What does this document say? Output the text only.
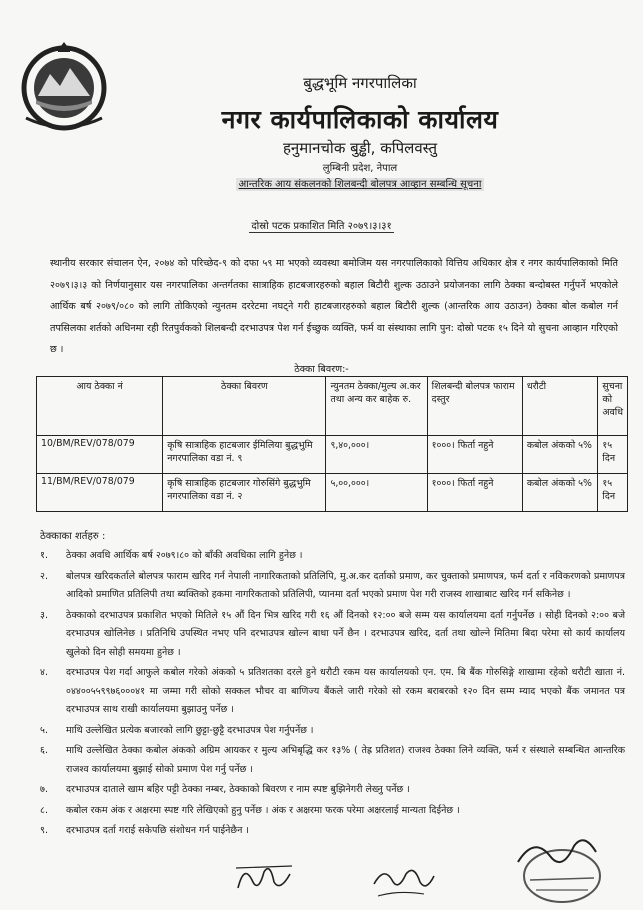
बुद्धभूमि नगरपालिका
नगर कार्यपालिकाको कार्यालय
हनुमानचोक बुड्ढी, कपिलवस्तु
लुम्बिनी प्रदेश, नेपाल
आन्तरिक आय संकलनको शिलबन्दी बोलपत्र आव्हान सम्बन्धि सूचना
दोस्रो पटक प्रकाशित मिति २०७९।३।३१
स्थानीय सरकार संचालन ऐन, २०७४ को परिच्छेद-९ को दफा ५९ मा भएको व्यवस्था बमोजिम यस नगरपालिकाको वित्तिय अधिकार क्षेत्र र नगर कार्यपालिकाको मिति २०७९।३।३ को निर्णयानुसार यस नगरपालिका अन्तर्गतका सात्राहिक हाटबजारहरुको बहाल बिटौरी शुल्क उठाउने प्रयोजनका लागि ठेक्का बन्दोबस्त गर्नुपर्ने भएकोले आर्थिक बर्ष २०७९/०८० को लागि तोकिएको न्युनतम दररेटमा नघट्ने गरी हाटबजारहरुको बहाल बिटौरी शुल्क (आन्तरिक आय उठाउन) ठेक्का बोल कबोल गर्न तपसिलका शर्तको अधिनमा रही रितपुर्वकको शिलबन्दी दरभाउपत्र पेश गर्न ईच्छुक व्यक्ति, फर्म वा संस्थाका लागि पुन: दोस्रो पटक १५ दिने यो सुचना आव्हान गरिएको छ ।
ठेक्का बिवरण:-
आय ठेक्का नं	ठेक्का बिवरण	न्युनतम ठेक्का/मुल्य अ.कर तथा अन्य कर बाहेक रु.	शिलबन्दी बोलपत्र फाराम दस्तुर	धरौटी	सुचना को अवधि
10/BM/REV/078/079	कृषि सात्राहिक हाटबजार ईमिलिया बुद्धभुमि नगरपालिका वडा नं. ९	९,४०,०००।	१०००। फिर्ता नहुने	कबोल अंकको ५%	१५ दिन
11/BM/REV/078/079	कृषि सात्राहिक हाटबजार गोरुसिंगे बुद्धभुमि नगरपालिका वडा नं. २	५,००,०००।	१०००। फिर्ता नहुने	कबोल अंकको ५%	१५ दिन
ठेक्काका शर्तहरु :
१. ठेक्का अवधि आर्थिक बर्ष २०७९।८० को बाँकी अवधिका लागि हुनेछ ।
२. बोलपत्र खरिदकर्ताले बोलपत्र फाराम खरिद गर्न नेपाली नागारिकताको प्रतिलिपि, मु.अ.कर दर्ताको प्रमाण, कर चुक्ताको प्रमाणपत्र, फर्म दर्ता र नविकरणको प्रमाणपत्र आदिको प्रमाणित प्रतिलिपी तथा ब्यक्तिको हकमा नागरिकताको प्रतिलिपी, प्यानमा दर्ता भएको प्रमाण पेश गरी राजस्व शाखाबाट खरिद गर्न सकिनेछ ।
३. ठेक्काको दरभाउपत्र प्रकाशित भएको मितिले १५ औं दिन भित्र खरिद गरी १६ औं दिनको १२:०० बजे सम्म यस कार्यालयमा दर्ता गर्नुपर्नेछ । सोही दिनको २:०० बजे दरभाउपत्र खोलिनेछ । प्रतिनिधि उपस्थित नभए पनि दरभाउपत्र खोल्न बाधा पर्ने छैन । दरभाउपत्र खरिद, दर्ता तथा खोल्ने मितिमा बिदा परेमा सो कार्य कार्यालय खुलेको दिन सोही समयमा हुनेछ ।
४. दरभाउपत्र पेश गर्दा आफुले कबोल गरेको अंकको ५ प्रतिशतका दरले हुने धरौटी रकम यस कार्यालयको एन. एम. बि बैंक गोरुसिङ्गे शाखामा रहेको धरौटी खाता नं. ०४४००५५९९७६०००४१ मा जम्मा गरी सोको सक्कल भौचर वा बाणिज्य बैंकले जारी गरेको सो रकम बराबरको १२० दिन सम्म म्याद भएको बैंक जमानत पत्र दरभाउपत्र साथ राखी कार्यालयमा बुझाउनु पर्नेछ ।
५. माथि उल्लेखित प्रत्येक बजारको लागि छुट्टा-छुट्टै दरभाउपत्र पेश गर्नुपर्नेछ ।
६. माथि उल्लेखित ठेक्का कबोल अंकको अग्रिम आयकर र मुल्य अभिबृद्धि कर १३% ( तेह्र प्रतिशत) राजश्व ठेक्का लिने व्यक्ति, फर्म र संस्थाले सम्बन्धित आन्तरिक राजश्व कार्यालयमा बुझाई सोको प्रमाण पेश गर्नु पर्नेछ ।
७. दरभाउपत्र दाताले खाम बहिर पट्टी ठेक्का नम्बर, ठेक्काको बिवरण र नाम स्पष्ट बुझिनेगरी लेख्नु पर्नेछ ।
८. कबोल रकम अंक र अक्षरमा स्पष्ट गरि लेखिएको हुनु पर्नेछ । अंक र अक्षरमा फरक परेमा अक्षरलाई मान्यता दिईनेछ ।
९. दरभाउपत्र दर्ता गराई सकेपछि संशोधन गर्न पाईनेछैन ।
